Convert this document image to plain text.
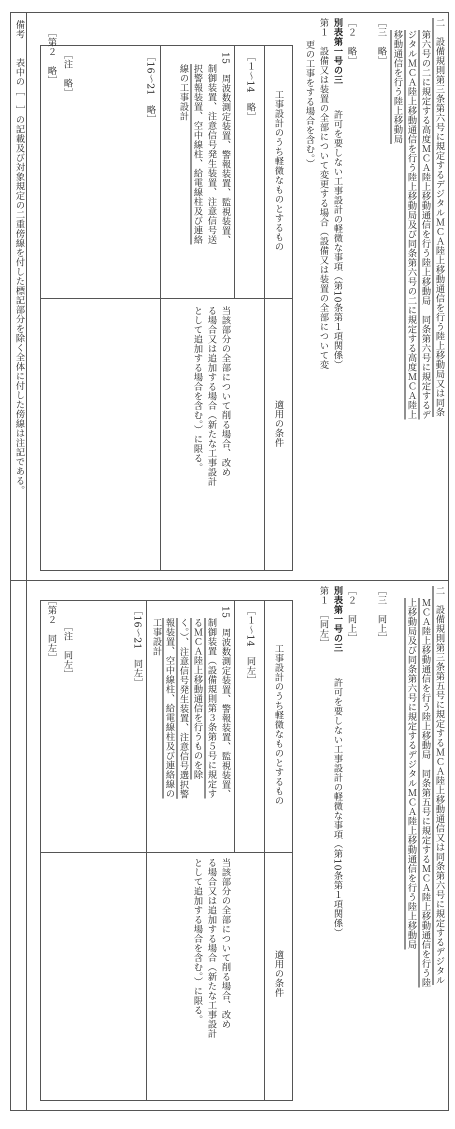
備考
表中の［　］の記載及び対象規定の二重傍線を付した標記部分を除く全体に付した傍線は注記である。	二　設備規則第三条第六号に規定するデジタルＭＣＡ陸上移動通信を行う陸上移動局又は同条
第六号の二に規定する高度ＭＣＡ陸上移動通信を行う陸上移動局　同条第六号に規定するデ
ジタルＭＣＡ陸上移動通信を行う陸上移動局及び同条第六号の二に規定する高度ＭＣＡ陸上
移動通信を行う陸上移動局
［三　略］
［２　略］
別表第一号の三
許可を要しない工事設計の軽微な事項（第10条第１項関係）
第１　設備又は装置の全部について変更する場合（設備又は装置の全部について変
更の工事をする場合を含む。）
工事設計のうち軽微なものとするもの
適用の条件
［１～14　略］
15　周波数測定装置、警報装置、監視装置、
制御装置、注意信号発生装置、注意信号送
択警報装置、空中線柱、給電線柱及び連絡
線の工事設計
当該部分の全部について削る場合、改め
る場合又は追加する場合（新たな工事設計
として追加する場合を含む。）に限る。
［16～21　略］
［注　略］
［第２　略］
二　設備規則第三条第五号に規定するＭＣＡ陸上移動通信又は同条第六号に規定するデジタル
ＭＣＡ陸上移動通信を行う陸上移動局　同条第五号に規定するＭＣＡ陸上移動通信を行う陸
上移動局及び同条第六号に規定するデジタルＭＣＡ陸上移動通信を行う陸上移動局
［三　同上］
［２　同上］
別表第一号の三
許可を要しない工事設計の軽微な事項（第10条第１項関係）
第１　［同左］
工事設計のうち軽微なものとするもの
適用の条件
［１～14　同左］
15　周波数測定装置、警報装置、監視装置、
制御装置（設備規則第３条第５号に規定す
るＭＣＡ陸上移動通信を行うものを除
く。）、注意信号発生装置、注意信号選択警
報装置、空中線柱、給電線柱及び連絡線の
工事設計
当該部分の全部について削る場合、改め
る場合又は追加する場合（新たな工事設計
として追加する場合を含む。）に限る。
［16～21　同左］
［注　同左］
［第２　同左］
